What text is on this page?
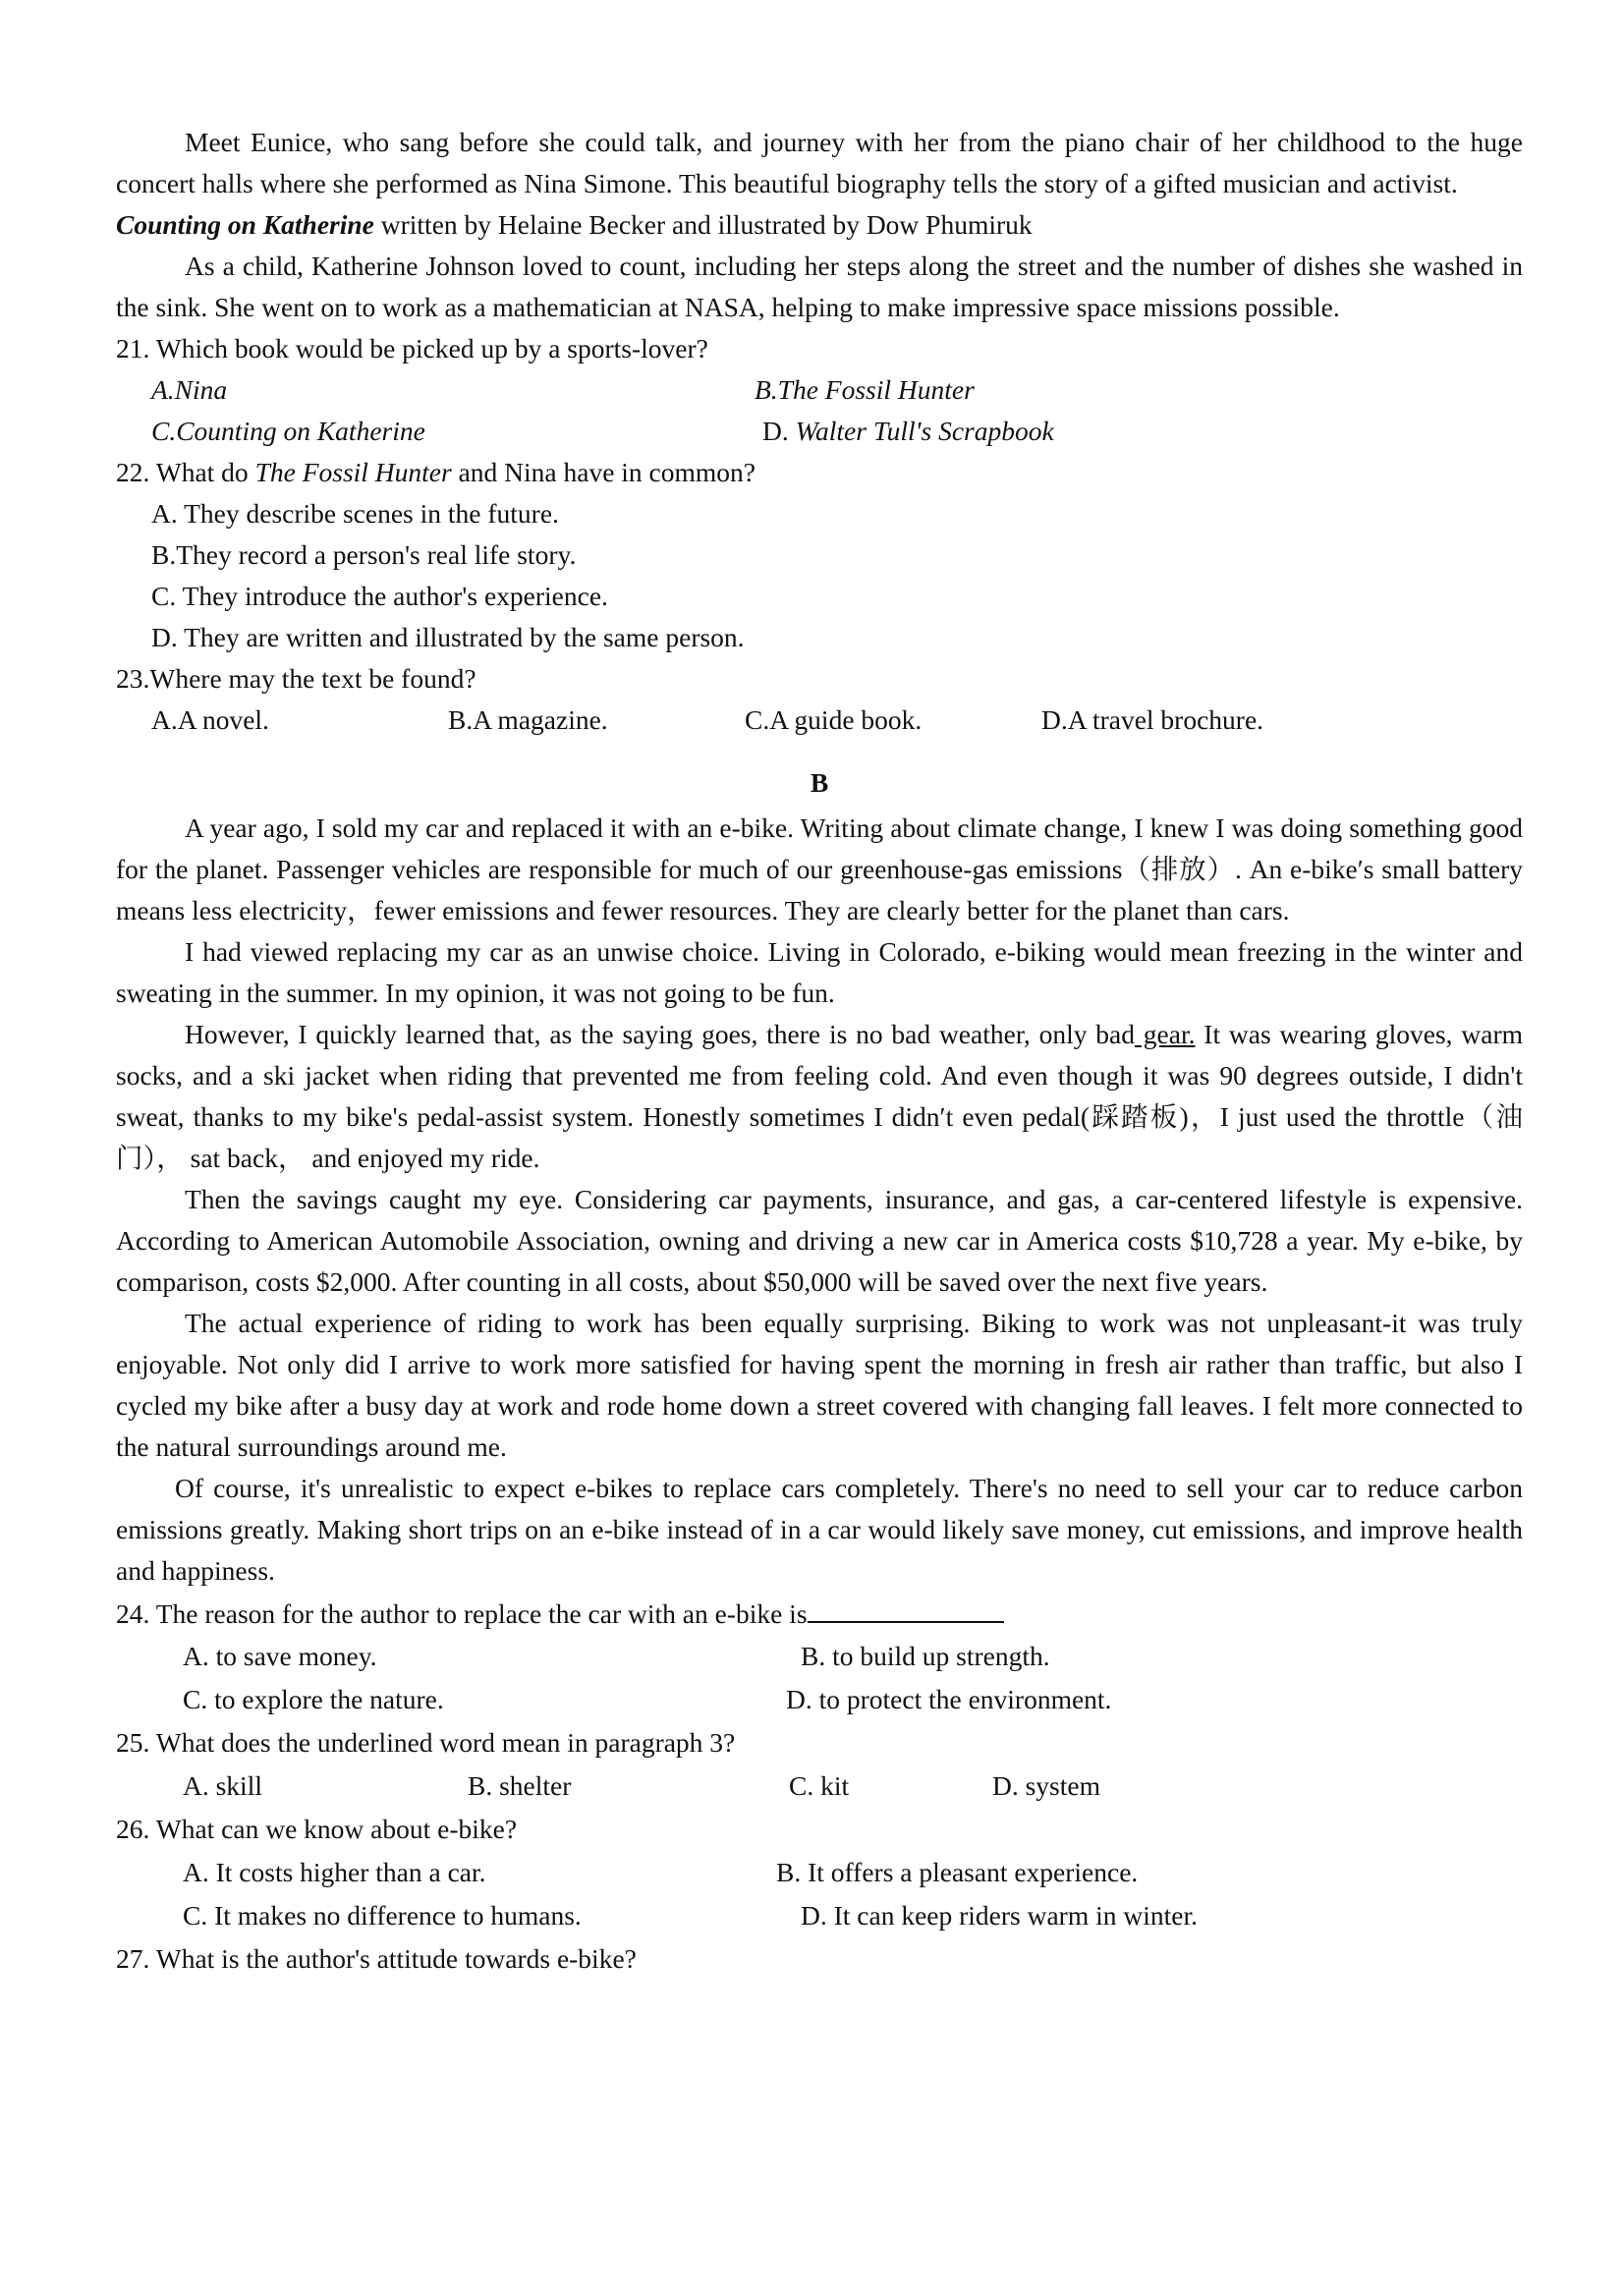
Meet Eunice, who sang before she could talk, and journey with her from the piano chair of her childhood to the huge concert halls where she performed as Nina Simone. This beautiful biography tells the story of a gifted musician and activist.

Counting on Katherine written by Helaine Becker and illustrated by Dow Phumiruk

As a child, Katherine Johnson loved to count, including her steps along the street and the number of dishes she washed in the sink. She went on to work as a mathematician at NASA, helping to make impressive space missions possible.

21. Which book would be picked up by a sports-lover?

A.Nina	B.The Fossil Hunter
C.Counting on Katherine	D. Walter Tull's Scrapbook

22. What do The Fossil Hunter and Nina have in common?

A. They describe scenes in the future.
B.They record a person's real life story.
C. They introduce the author's experience.
D. They are written and illustrated by the same person.

23.Where may the text be found?

A.A novel.	B.A magazine.	C.A guide book.	D.A travel brochure.
B

A year ago, I sold my car and replaced it with an e-bike. Writing about climate change, I knew I was doing something good for the planet. Passenger vehicles are responsible for much of our greenhouse-gas emissions（排放）. An e-bike′s small battery means less electricity，fewer emissions and fewer resources. They are clearly better for the planet than cars.

I had viewed replacing my car as an unwise choice. Living in Colorado, e-biking would mean freezing in the winter and sweating in the summer. In my opinion, it was not going to be fun.

However, I quickly learned that, as the saying goes, there is no bad weather, only bad gear. It was wearing gloves, warm socks, and a ski jacket when riding that prevented me from feeling cold. And even though it was 90 degrees outside, I didn't sweat, thanks to my bike's pedal-assist system. Honestly sometimes I didn′t even pedal(踩踏板)，I just used the throttle（油门）， sat back， and enjoyed my ride.

Then the savings caught my eye. Considering car payments, insurance, and gas, a car-centered lifestyle is expensive. According to American Automobile Association, owning and driving a new car in America costs $10,728 a year. My e-bike, by comparison, costs $2,000. After counting in all costs, about $50,000 will be saved over the next five years.

The actual experience of riding to work has been equally surprising. Biking to work was not unpleasant-it was truly enjoyable. Not only did I arrive to work more satisfied for having spent the morning in fresh air rather than traffic, but also I cycled my bike after a busy day at work and rode home down a street covered with changing fall leaves. I felt more connected to the natural surroundings around me.

Of course, it's unrealistic to expect e-bikes to replace cars completely. There's no need to sell your car to reduce carbon emissions greatly. Making short trips on an e-bike instead of in a car would likely save money, cut emissions, and improve health and happiness.

24. The reason for the author to replace the car with an e-bike is

A. to save money.	B. to build up strength.
C. to explore the nature.	D. to protect the environment.

25. What does the underlined word mean in paragraph 3?

A. skill	B. shelter	C. kit	D. system

26. What can we know about e-bike?

A. It costs higher than a car.	B. It offers a pleasant experience.
C. It makes no difference to humans.	D. It can keep riders warm in winter.

27. What is the author's attitude towards e-bike?
